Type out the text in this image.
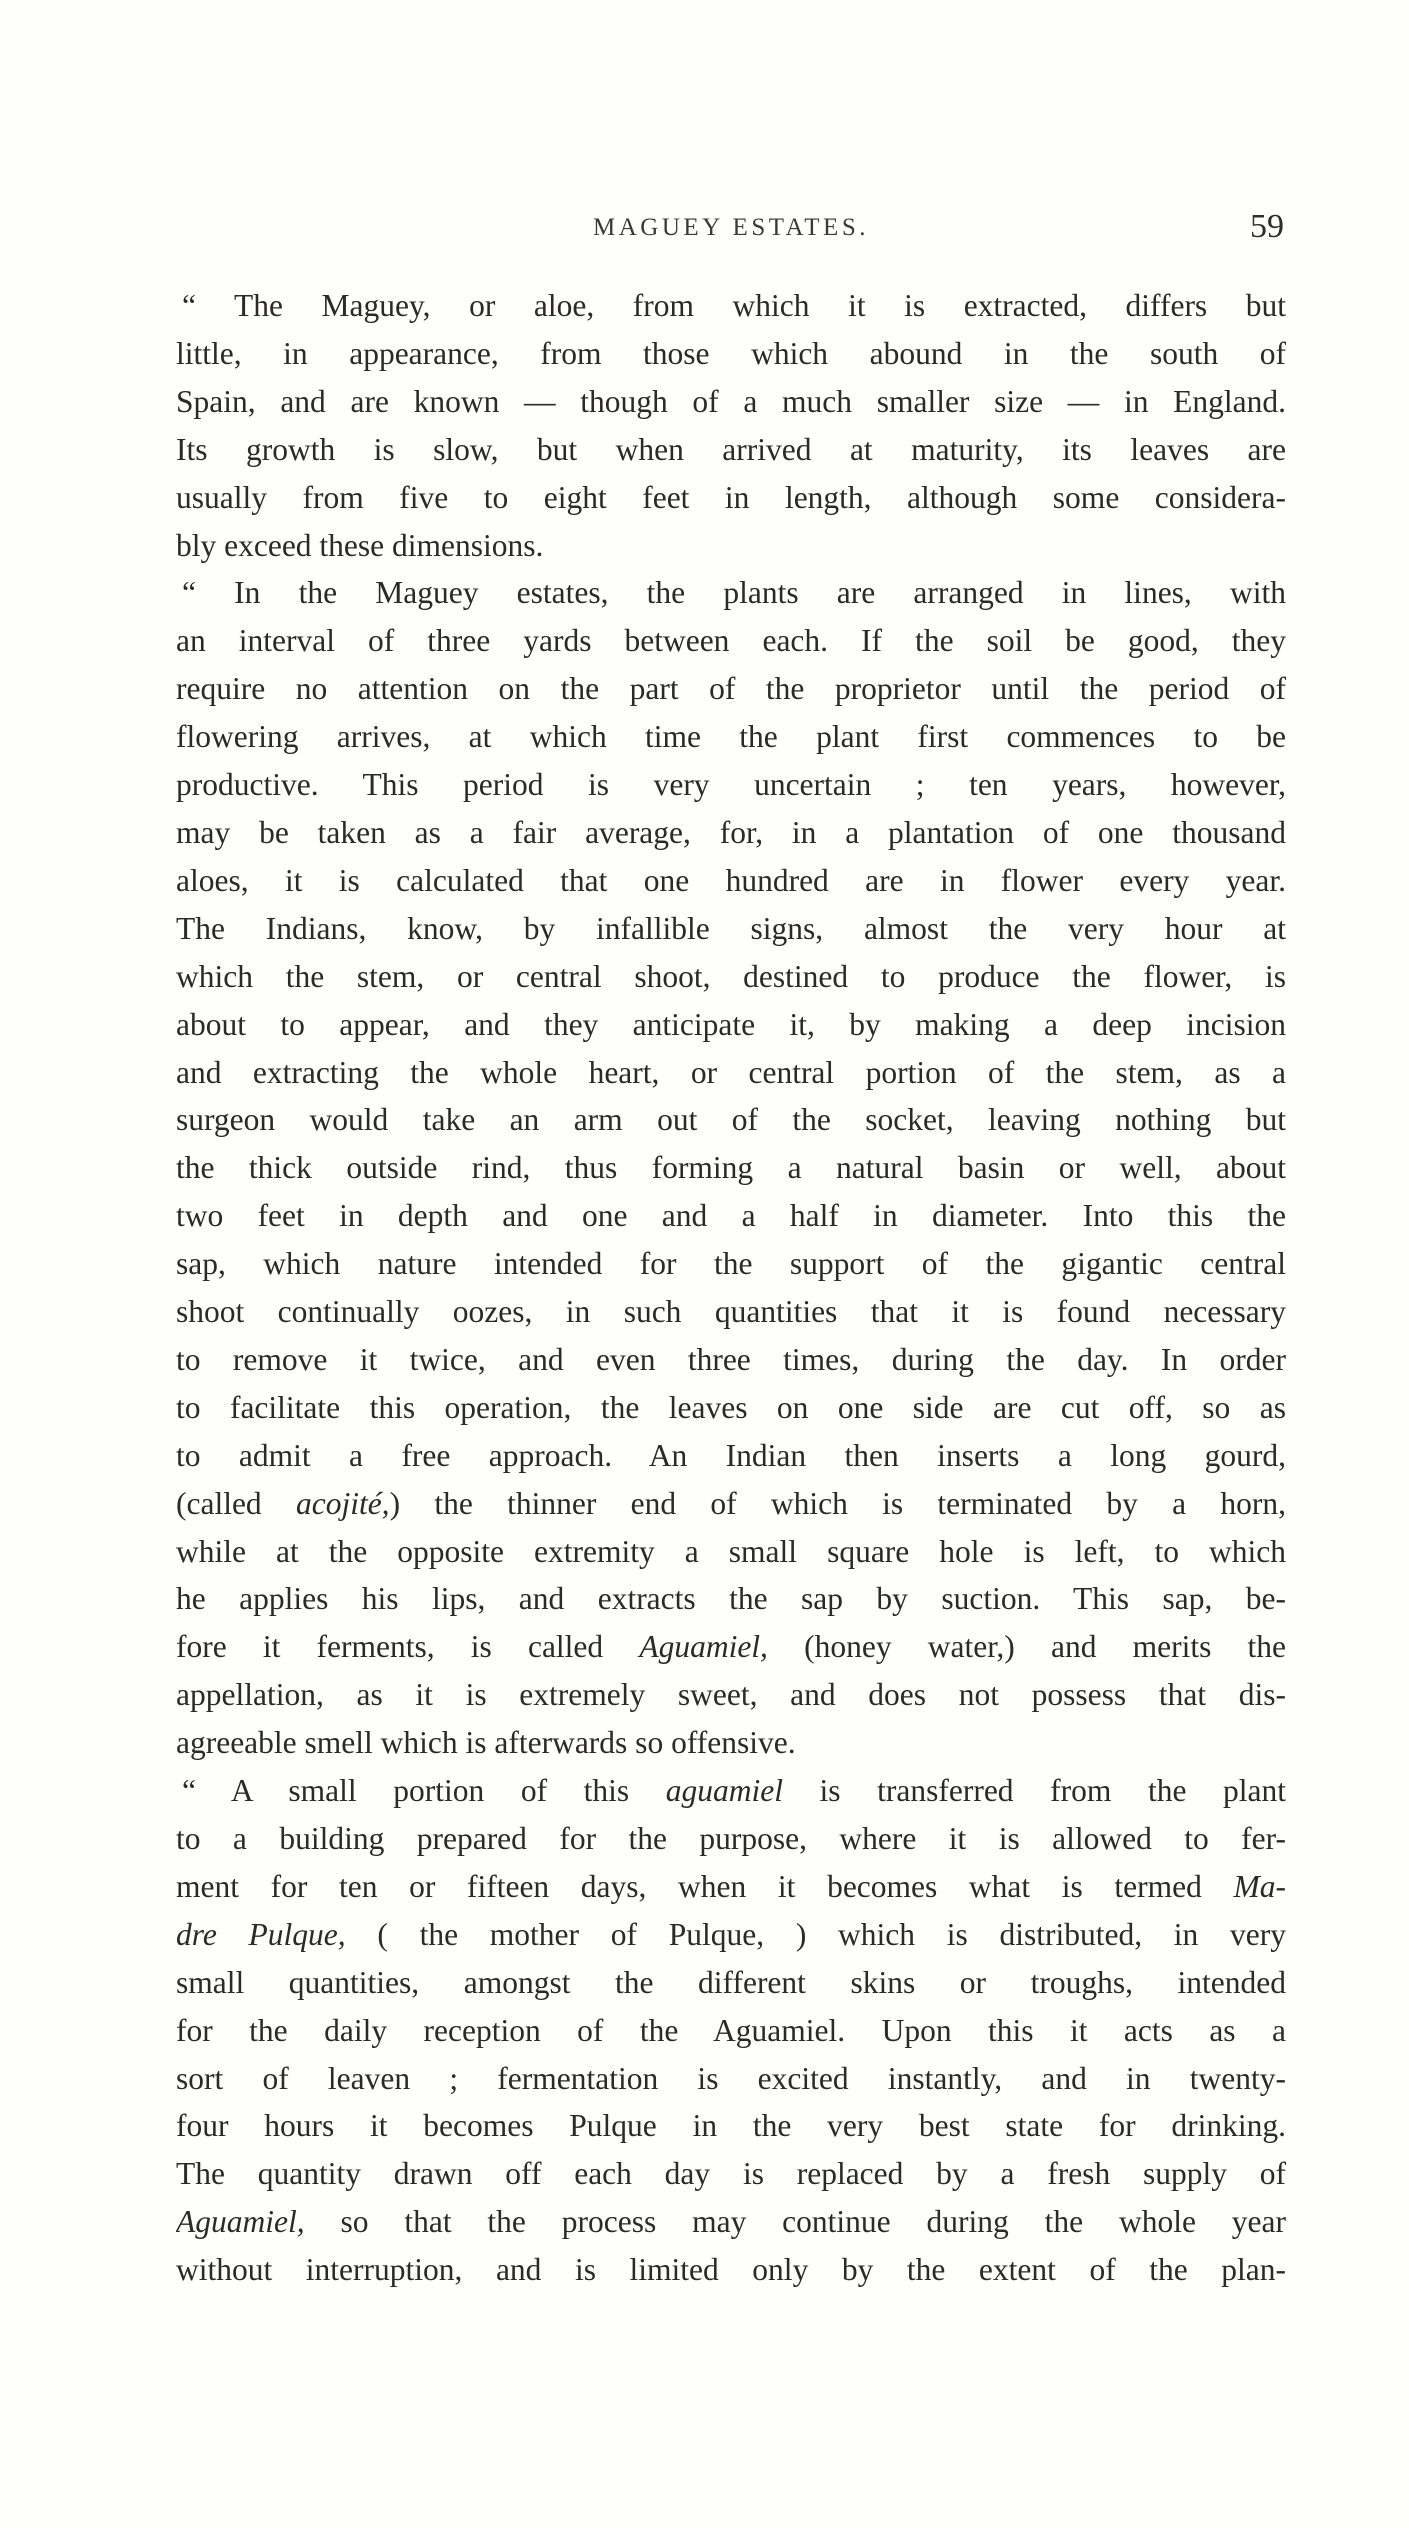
MAGUEY ESTATES.	59
“ The Maguey, or aloe, from which it is extracted, differs but
little, in appearance, from those which abound in the south of
Spain, and are known — though of a much smaller size — in England.
Its growth is slow, but when arrived at maturity, its leaves are
usually from five to eight feet in length, although some considera-
bly exceed these dimensions.
“ In the Maguey estates, the plants are arranged in lines, with
an interval of three yards between each. If the soil be good, they
require no attention on the part of the proprietor until the period of
flowering arrives, at which time the plant first commences to be
productive. This period is very uncertain ; ten years, however,
may be taken as a fair average, for, in a plantation of one thousand
aloes, it is calculated that one hundred are in flower every year.
The Indians, know, by infallible signs, almost the very hour at
which the stem, or central shoot, destined to produce the flower, is
about to appear, and they anticipate it, by making a deep incision
and extracting the whole heart, or central portion of the stem, as a
surgeon would take an arm out of the socket, leaving nothing but
the thick outside rind, thus forming a natural basin or well, about
two feet in depth and one and a half in diameter. Into this the
sap, which nature intended for the support of the gigantic central
shoot continually oozes, in such quantities that it is found necessary
to remove it twice, and even three times, during the day. In order
to facilitate this operation, the leaves on one side are cut off, so as
to admit a free approach. An Indian then inserts a long gourd,
(called acojité,) the thinner end of which is terminated by a horn,
while at the opposite extremity a small square hole is left, to which
he applies his lips, and extracts the sap by suction. This sap, be-
fore it ferments, is called Aguamiel, (honey water,) and merits the
appellation, as it is extremely sweet, and does not possess that dis-
agreeable smell which is afterwards so offensive.
“ A small portion of this aguamiel is transferred from the plant
to a building prepared for the purpose, where it is allowed to fer-
ment for ten or fifteen days, when it becomes what is termed Ma-
dre Pulque, ( the mother of Pulque, ) which is distributed, in very
small quantities, amongst the different skins or troughs, intended
for the daily reception of the Aguamiel. Upon this it acts as a
sort of leaven ; fermentation is excited instantly, and in twenty-
four hours it becomes Pulque in the very best state for drinking.
The quantity drawn off each day is replaced by a fresh supply of
Aguamiel, so that the process may continue during the whole year
without interruption, and is limited only by the extent of the plan-
